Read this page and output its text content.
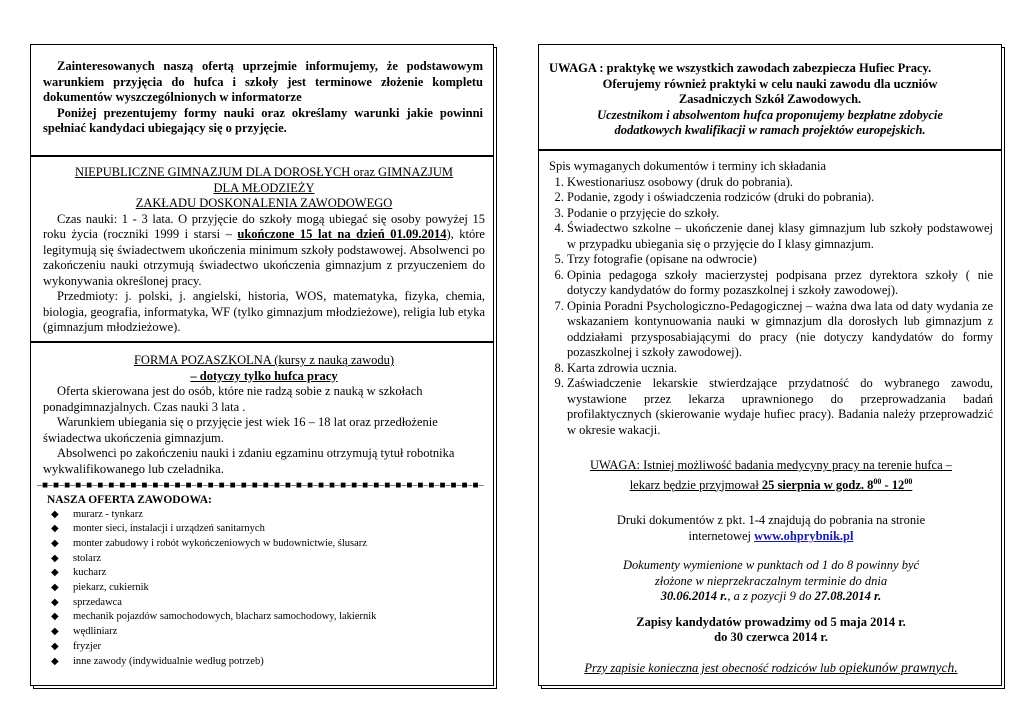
Zainteresowanych naszą ofertą uprzejmie informujemy, że podstawowym warunkiem przyjęcia do hufca i szkoły jest terminowe złożenie kompletu dokumentów wyszczególnionych w informatorze

Poniżej prezentujemy formy nauki oraz określamy warunki jakie powinni spełniać kandydaci ubiegający się o przyjęcie.

NIEPUBLICZNE GIMNAZJUM DLA DOROSŁYCH oraz GIMNAZJUM DLA MŁODZIEŻY

ZAKŁADU DOSKONALENIA ZAWODOWEGO

Czas nauki: 1 - 3 lata. O przyjęcie do szkoły mogą ubiegać się osoby powyżej 15 roku życia (roczniki 1999 i starsi – ukończone 15 lat na dzień 01.09.2014), które legitymują się świadectwem ukończenia minimum szkoły podstawowej. Absolwenci po zakończeniu nauki otrzymują świadectwo ukończenia gimnazjum z przyuczeniem do wykonywania określonej pracy.

Przedmioty: j. polski, j. angielski, historia, WOS, matematyka, fizyka, chemia, biologia, geografia, informatyka, WF (tylko gimnazjum młodzieżowe), religia lub etyka (gimnazjum młodzieżowe).

FORMA POZASZKOLNA (kursy z nauką zawodu)

– dotyczy tylko hufca pracy

Oferta skierowana jest do osób, które nie radzą sobie z nauką w szkołach ponadgimnazjalnych. Czas nauki 3 lata .

Warunkiem ubiegania się o przyjęcie jest wiek 16 – 18 lat oraz przedłożenie świadectwa ukończenia gimnazjum.

Absolwenci po zakończeniu nauki i zdaniu egzaminu otrzymują tytuł robotnika wykwalifikowanego lub czeladnika.

–■–■–■–■–■–■–■–■–■–■–■–■–■–■–■–■–■–■–■–■–■–■–■–■–■–■–■–■–■–■–■–■–■–■–■–■–■–■–■–■–

NASZA OFERTA ZAWODOWA:

◆ murarz - tynkarz
◆ monter sieci, instalacji i urządzeń sanitarnych
◆ monter zabudowy i robót wykończeniowych w budownictwie, ślusarz
◆ stolarz
◆ kucharz
◆ piekarz, cukiernik
◆ sprzedawca
◆ mechanik pojazdów samochodowych, blacharz samochodowy, lakiernik
◆ wędliniarz
◆ fryzjer
◆ inne zawody (indywidualnie według potrzeb)

UWAGA : praktykę we wszystkich zawodach zabezpiecza Hufiec Pracy.

Oferujemy również praktyki w celu nauki zawodu dla uczniów

Zasadniczych Szkół Zawodowych.

Uczestnikom i absolwentom hufca proponujemy bezpłatne zdobycie

dodatkowych kwalifikacji w ramach projektów europejskich.

Spis wymaganych dokumentów i terminy ich składania

1. Kwestionariusz osobowy (druk do pobrania).
2. Podanie, zgody i oświadczenia rodziców (druki do pobrania).
3. Podanie o przyjęcie do szkoły.
4. Świadectwo szkolne – ukończenie danej klasy gimnazjum lub szkoły podstawowej w przypadku ubiegania się o przyjęcie do I klasy gimnazjum.
5. Trzy fotografie (opisane na odwrocie)
6. Opinia pedagoga szkoły macierzystej podpisana przez dyrektora szkoły ( nie dotyczy kandydatów do formy pozaszkolnej i szkoły zawodowej).
7. Opinia Poradni Psychologiczno-Pedagogicznej – ważna dwa lata od daty wydania ze wskazaniem kontynuowania nauki w gimnazjum dla dorosłych lub gimnazjum z oddziałami przysposabiającymi do pracy (nie dotyczy kandydatów do formy pozaszkolnej i szkoły zawodowej).
8. Karta zdrowia ucznia.
9. Zaświadczenie lekarskie stwierdzające przydatność do wybranego zawodu, wystawione przez lekarza uprawnionego do przeprowadzania badań profilaktycznych (skierowanie wydaje hufiec pracy). Badania należy przeprowadzić w okresie wakacji.

UWAGA: Istniej możliwość badania medycyny pracy na terenie hufca –

lekarz będzie przyjmował 25 sierpnia w godz. $8^{00} - 12^{00}$

Druki dokumentów z pkt. 1-4 znajdują do pobrania na stronie

internetowej www.ohprybnik.pl

Dokumenty wymienione w punktach od 1 do 8 powinny być

złożone w nieprzekraczalnym terminie do dnia

30.06.2014 r., a z pozycji 9 do 27.08.2014 r.

Zapisy kandydatów prowadzimy od 5 maja 2014 r.

do 30 czerwca 2014 r.

Przy zapisie konieczna jest obecność rodziców lub opiekunów prawnych.
